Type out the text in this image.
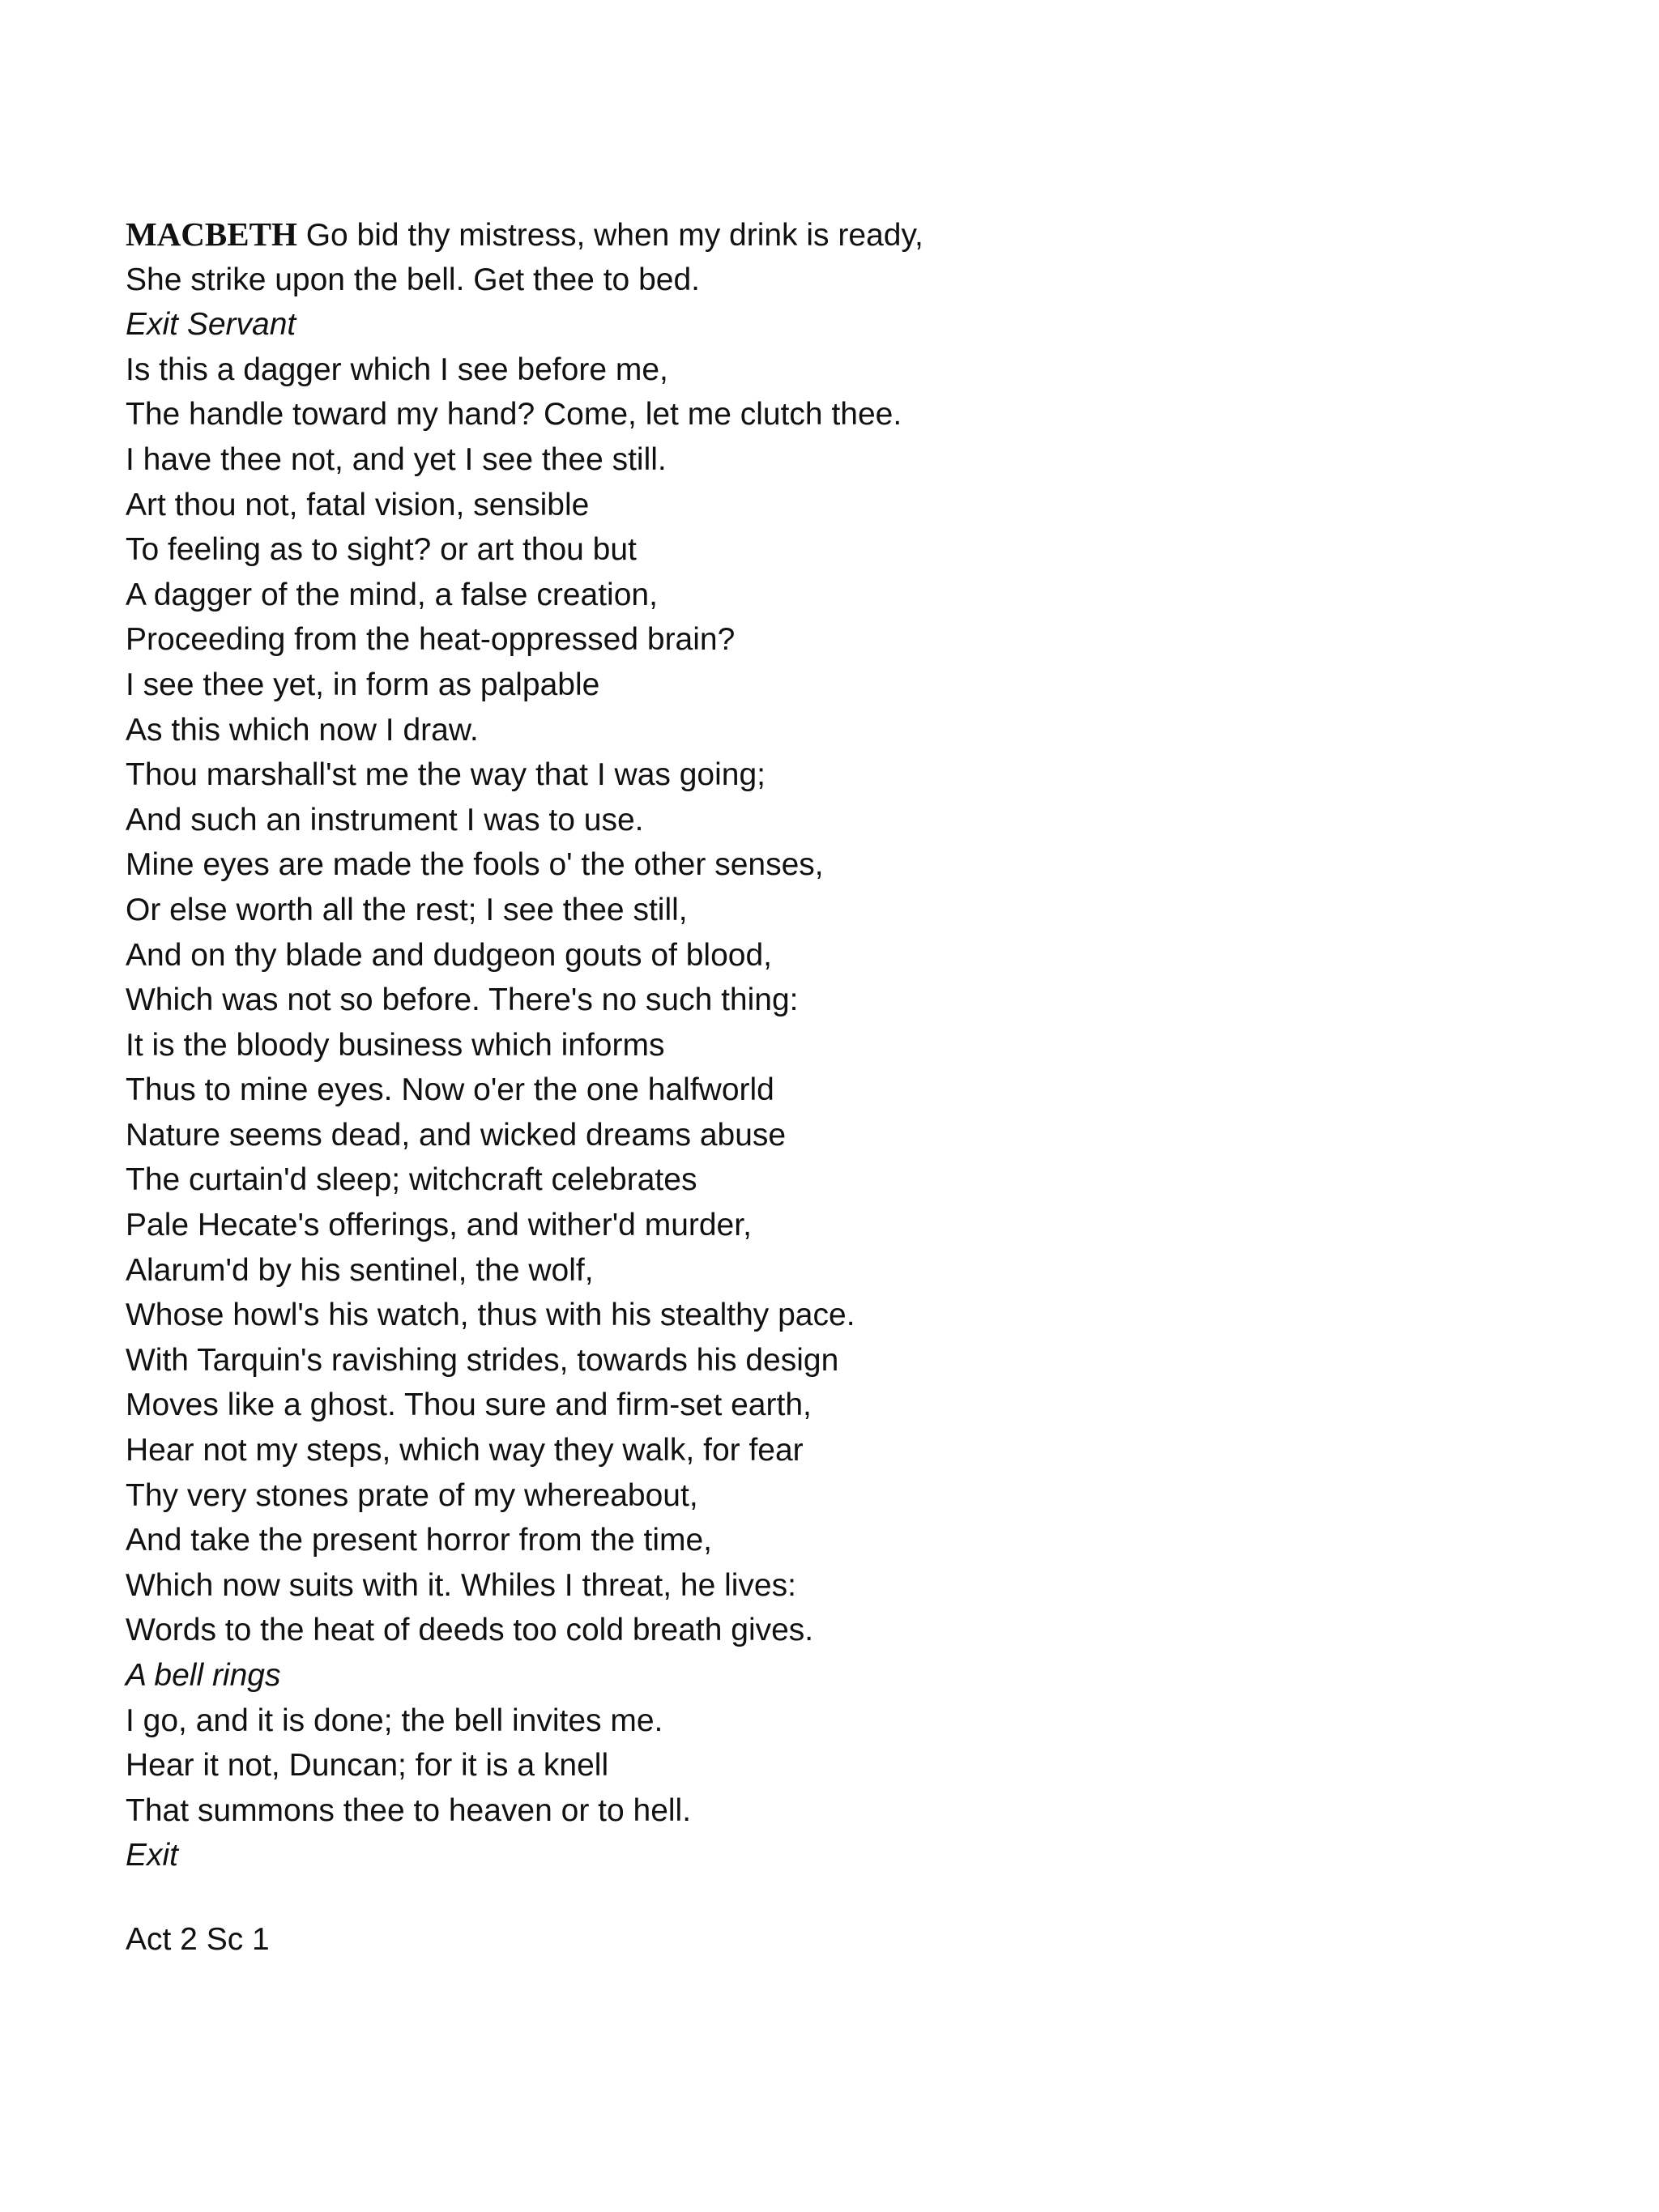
MACBETH Go bid thy mistress, when my drink is ready,
She strike upon the bell. Get thee to bed.
Exit Servant
Is this a dagger which I see before me,
The handle toward my hand? Come, let me clutch thee.
I have thee not, and yet I see thee still.
Art thou not, fatal vision, sensible
To feeling as to sight? or art thou but
A dagger of the mind, a false creation,
Proceeding from the heat-oppressed brain?
I see thee yet, in form as palpable
As this which now I draw.
Thou marshall'st me the way that I was going;
And such an instrument I was to use.
Mine eyes are made the fools o' the other senses,
Or else worth all the rest; I see thee still,
And on thy blade and dudgeon gouts of blood,
Which was not so before. There's no such thing:
It is the bloody business which informs
Thus to mine eyes. Now o'er the one halfworld
Nature seems dead, and wicked dreams abuse
The curtain'd sleep; witchcraft celebrates
Pale Hecate's offerings, and wither'd murder,
Alarum'd by his sentinel, the wolf,
Whose howl's his watch, thus with his stealthy pace.
With Tarquin's ravishing strides, towards his design
Moves like a ghost. Thou sure and firm-set earth,
Hear not my steps, which way they walk, for fear
Thy very stones prate of my whereabout,
And take the present horror from the time,
Which now suits with it. Whiles I threat, he lives:
Words to the heat of deeds too cold breath gives.
A bell rings
I go, and it is done; the bell invites me.
Hear it not, Duncan; for it is a knell
That summons thee to heaven or to hell.
Exit
Act 2 Sc 1
